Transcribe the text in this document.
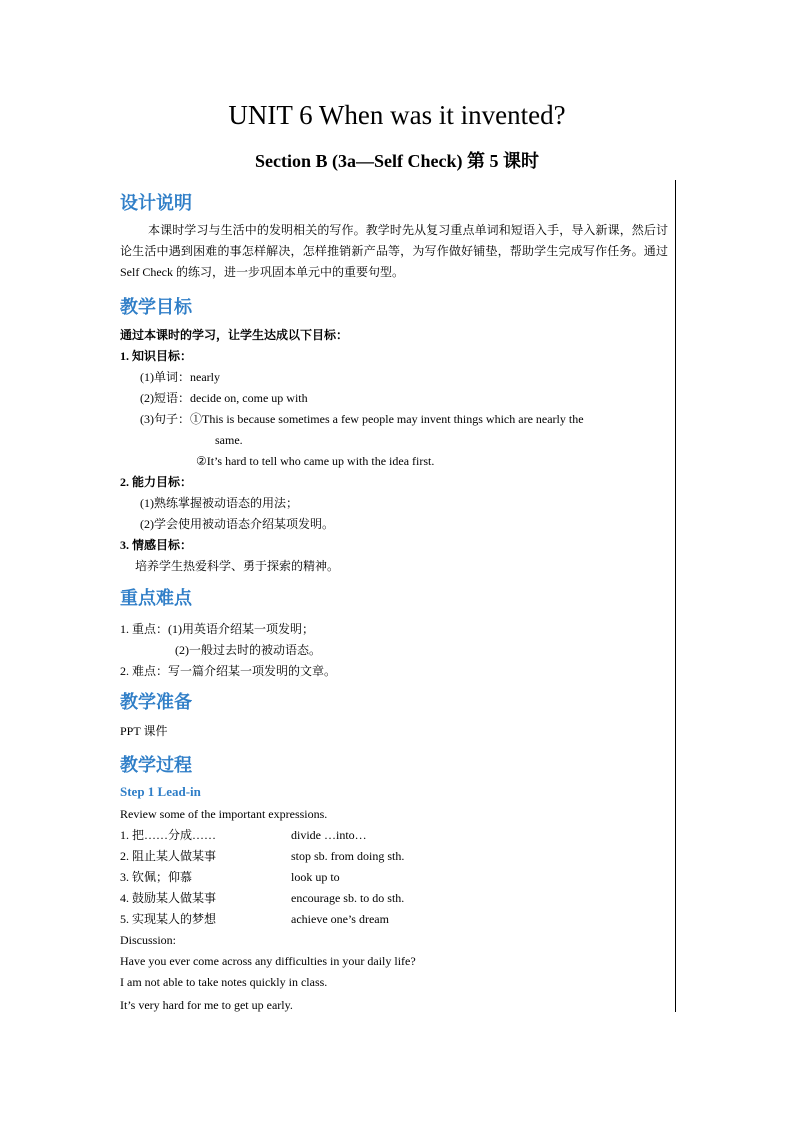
UNIT 6 When was it invented?
Section B (3a—Self Check) 第 5 课时
设计说明
本课时学习与生活中的发明相关的写作。教学时先从复习重点单词和短语入手，导入新课，然后讨论生活中遇到困难的事怎样解决，怎样推销新产品等，为写作做好铺垫，帮助学生完成写作任务。通过 Self Check 的练习，进一步巩固本单元中的重要句型。
教学目标
通过本课时的学习，让学生达成以下目标：
1. 知识目标：
(1)单词：nearly
(2)短语：decide on, come up with
(3)句子：①This is because sometimes a few people may invent things which are nearly the
same.
②It’s hard to tell who came up with the idea first.
2. 能力目标：
(1)熟练掌握被动语态的用法；
(2)学会使用被动语态介绍某项发明。
3. 情感目标：
培养学生热爱科学、勇于探索的精神。
重点难点
1. 重点：(1)用英语介绍某一项发明；
(2)一般过去时的被动语态。
2. 难点：写一篇介绍某一项发明的文章。
教学准备
PPT 课件
教学过程
Step 1 Lead-in
Review some of the important expressions.
1. 把……分成……	divide …into…
2. 阻止某人做某事	stop sb. from doing sth.
3. 钦佩；仰慕	look up to
4. 鼓励某人做某事	encourage sb. to do sth.
5. 实现某人的梦想	achieve one’s dream
Discussion:
Have you ever come across any difficulties in your daily life?
I am not able to take notes quickly in class.
It’s very hard for me to get up early.
